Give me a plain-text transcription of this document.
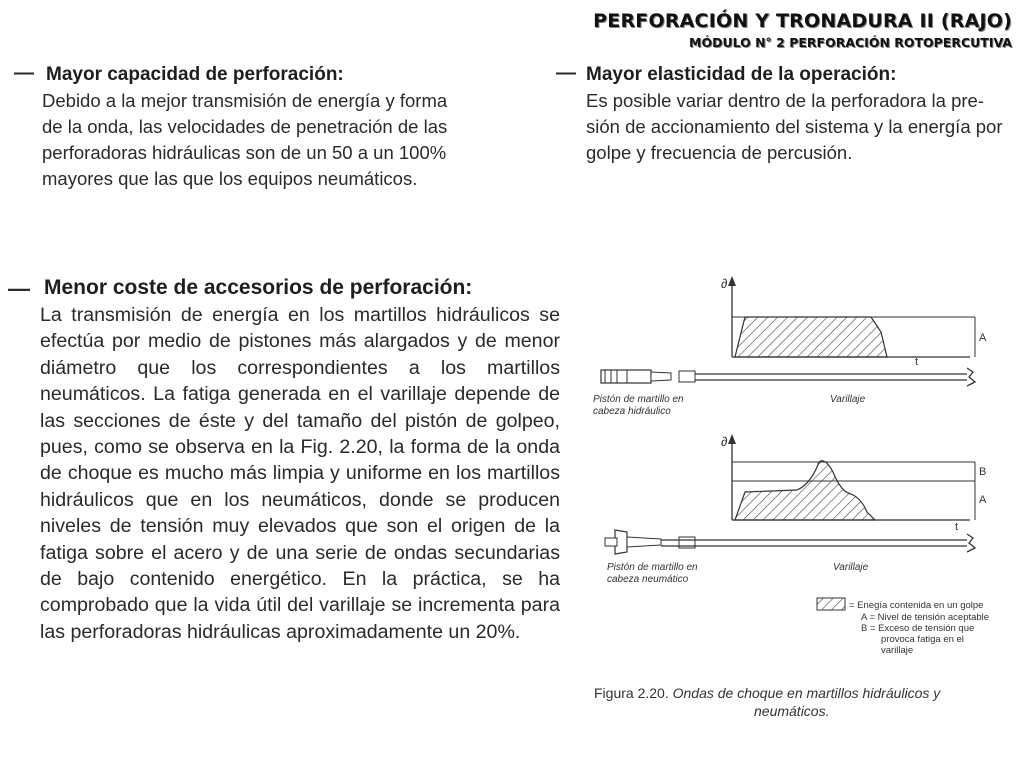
PERFORACIÓN Y TRONADURA II (RAJO)
MÓDULO N° 2 PERFORACIÓN ROTOPERCUTIVA
— Mayor capacidad de perforación:

Debido a la mejor transmisión de energía y forma

de la onda, las velocidades de penetración de las

perforadoras hidráulicas son de un 50 a un 100%

mayores que las que los equipos neumáticos.

— Mayor elasticidad de la operación:

Es posible variar dentro de la perforadora la pre-

sión de accionamiento del sistema y la energía por

golpe y frecuencia de percusión.

— Menor coste de accesorios de perforación:

La transmisión de energía en los martillos hidráulicos se efectúa por medio de pistones más alargados y de menor diámetro que los correspondientes a los martillos neumáticos. La fatiga generada en el varillaje depende de las secciones de éste y del tamaño del pistón de golpeo, pues, como se observa en la Fig. 2.20, la forma de la onda de choque es mucho más limpia y uniforme en los martillos hidráulicos que en los neumáticos, donde se producen niveles de tensión muy elevados que son el origen de la fatiga sobre el acero y de una serie de ondas secundarias de bajo contenido energético. En la práctica, se ha comprobado que la vida útil del varillaje se incrementa para las perforadoras hidráulicas aproximadamente un 20%.

∂
A
t
Pistón de martillo en
cabeza hidráulico
Varillaje
∂
B
A
t
Pistón de martillo en
cabeza neumático
Varillaje
= Enegía contenida en un golpe
A = Nivel de tensión aceptable
B = Exceso de tensión que
provoca fatiga en el
varillaje
Figura 2.20. Ondas de choque en martillos hidráulicos y
neumáticos.
